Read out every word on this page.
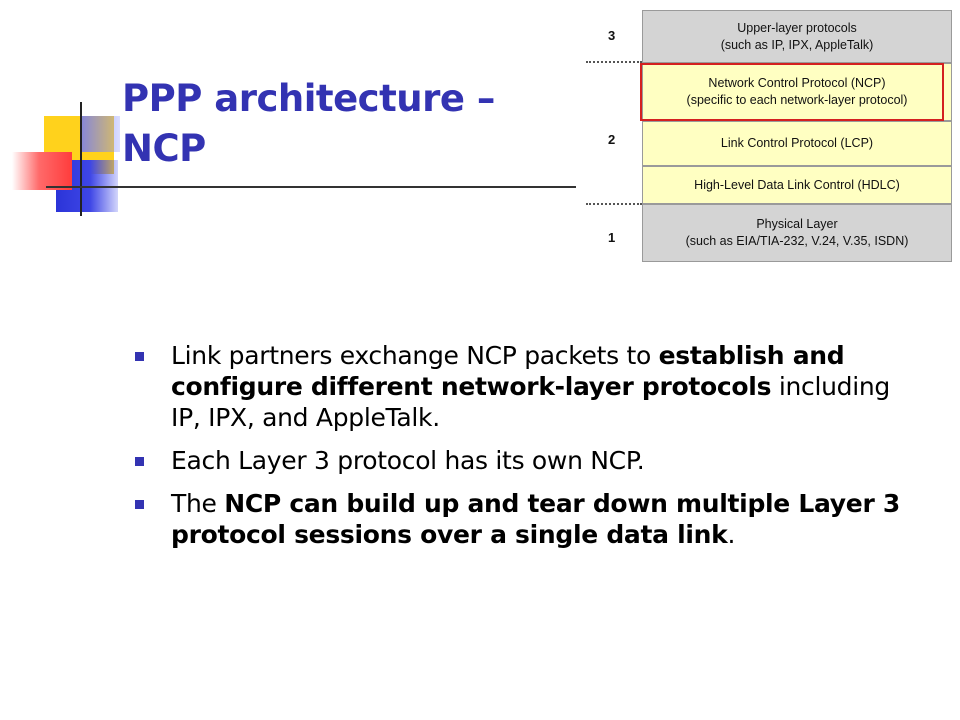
PPP architecture – NCP
3
2
1
Upper-layer protocols
(such as IP, IPX, AppleTalk)
Network Control Protocol (NCP)
(specific to each network-layer protocol)
Link Control Protocol (LCP)
High-Level Data Link Control (HDLC)
Physical Layer
(such as EIA/TIA-232, V.24, V.35, ISDN)
Link partners exchange NCP packets to establish and configure different network-layer protocols including IP, IPX, and AppleTalk.
Each Layer 3 protocol has its own NCP.
The NCP can build up and tear down multiple Layer 3 protocol sessions over a single data link.
